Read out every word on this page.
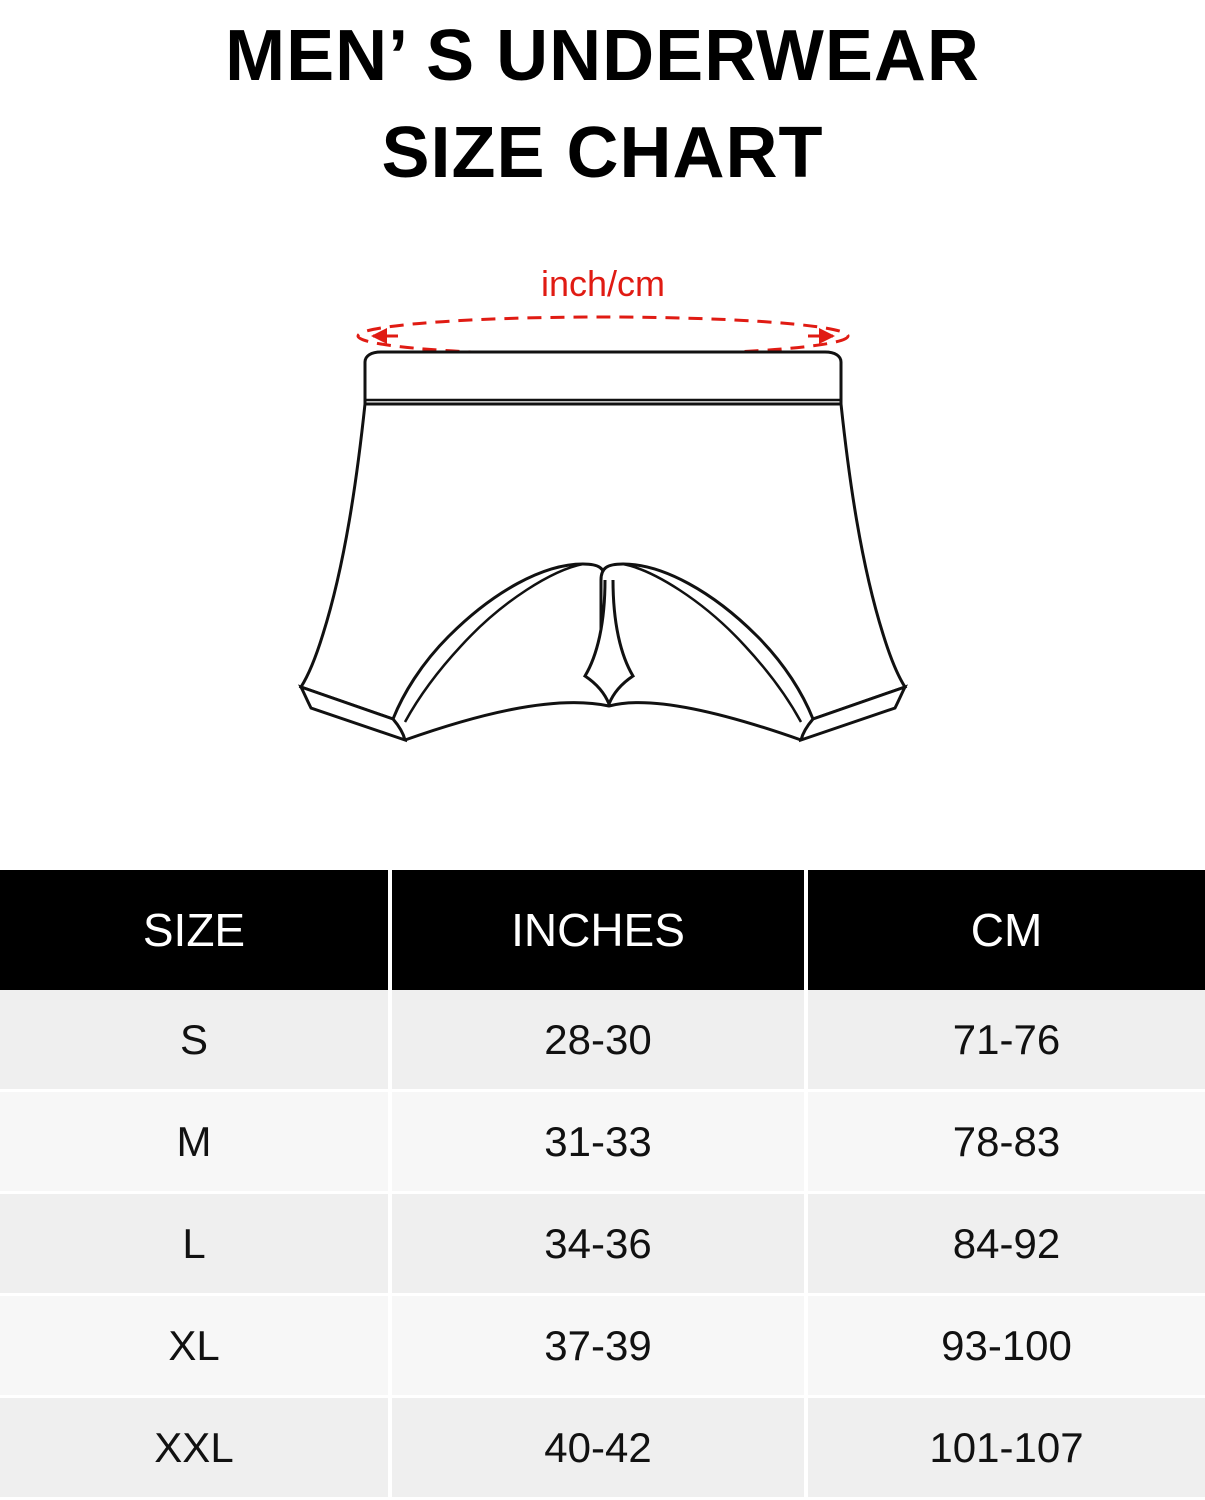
MEN’ S UNDERWEAR
SIZE CHART
inch/cm
SIZE	INCHES	CM
S	28-30	71-76
M	31-33	78-83
L	34-36	84-92
XL	37-39	93-100
XXL	40-42	101-107
